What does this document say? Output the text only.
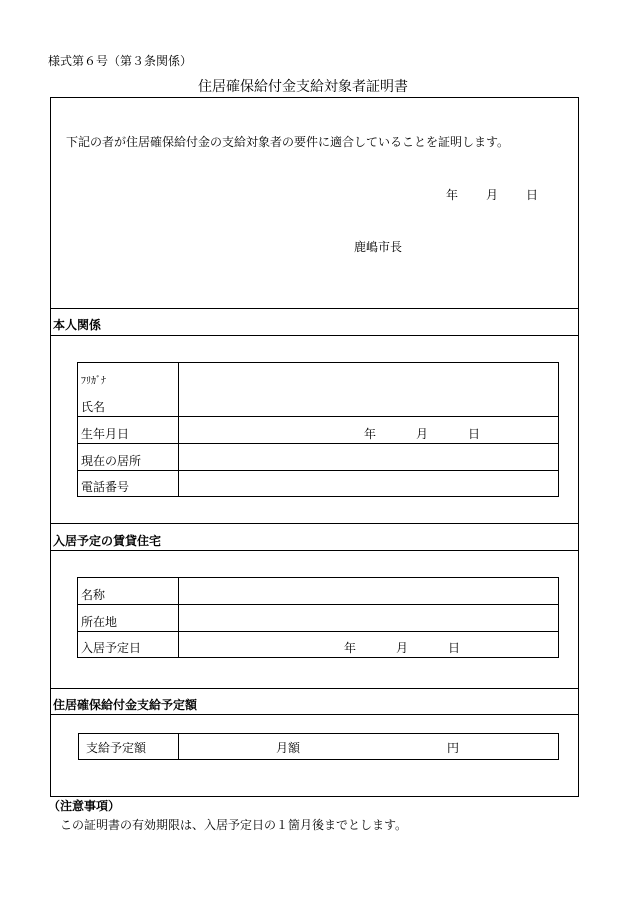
様式第６号（第３条関係）
住居確保給付金支給対象者証明書
下記の者が住居確保給付金の支給対象者の要件に適合していることを証明します。
年 月 日
鹿嶋市長
本人関係
ﾌﾘｶﾞﾅ
氏名
生年月日	年	月	日
現在の居所
電話番号
入居予定の賃貸住宅
名称
所在地
入居予定日	年	月	日
住居確保給付金支給予定額
支給予定額	月額	円
（注意事項）
この証明書の有効期限は、入居予定日の１箇月後までとします。
